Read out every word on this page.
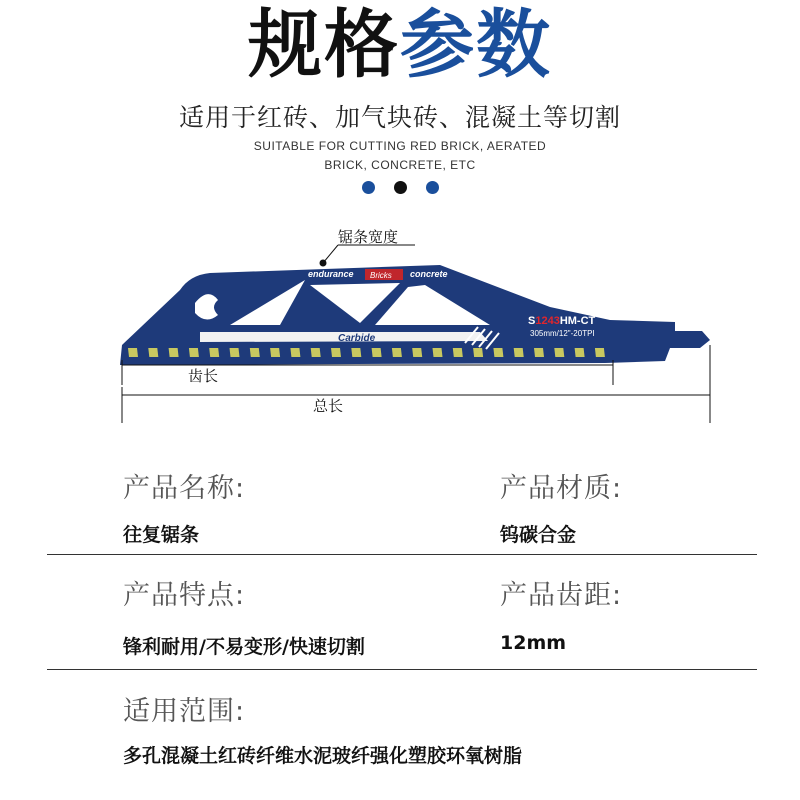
规格参数
适用于红砖、加气块砖、混凝土等切割
SUITABLE FOR CUTTING RED BRICK, AERATED
BRICK, CONCRETE, ETC
endurance Bricks concrete
Carbide
S1243HM-CT
305mm/12"-20TPI
锯条宽度
齿长
总长
产品名称:	产品材质:
往复锯条	钨碳合金
产品特点:	产品齿距:
锋利耐用/不易变形/快速切割	12mm
适用范围:
多孔混凝土红砖纤维水泥玻纤强化塑胶环氧树脂
